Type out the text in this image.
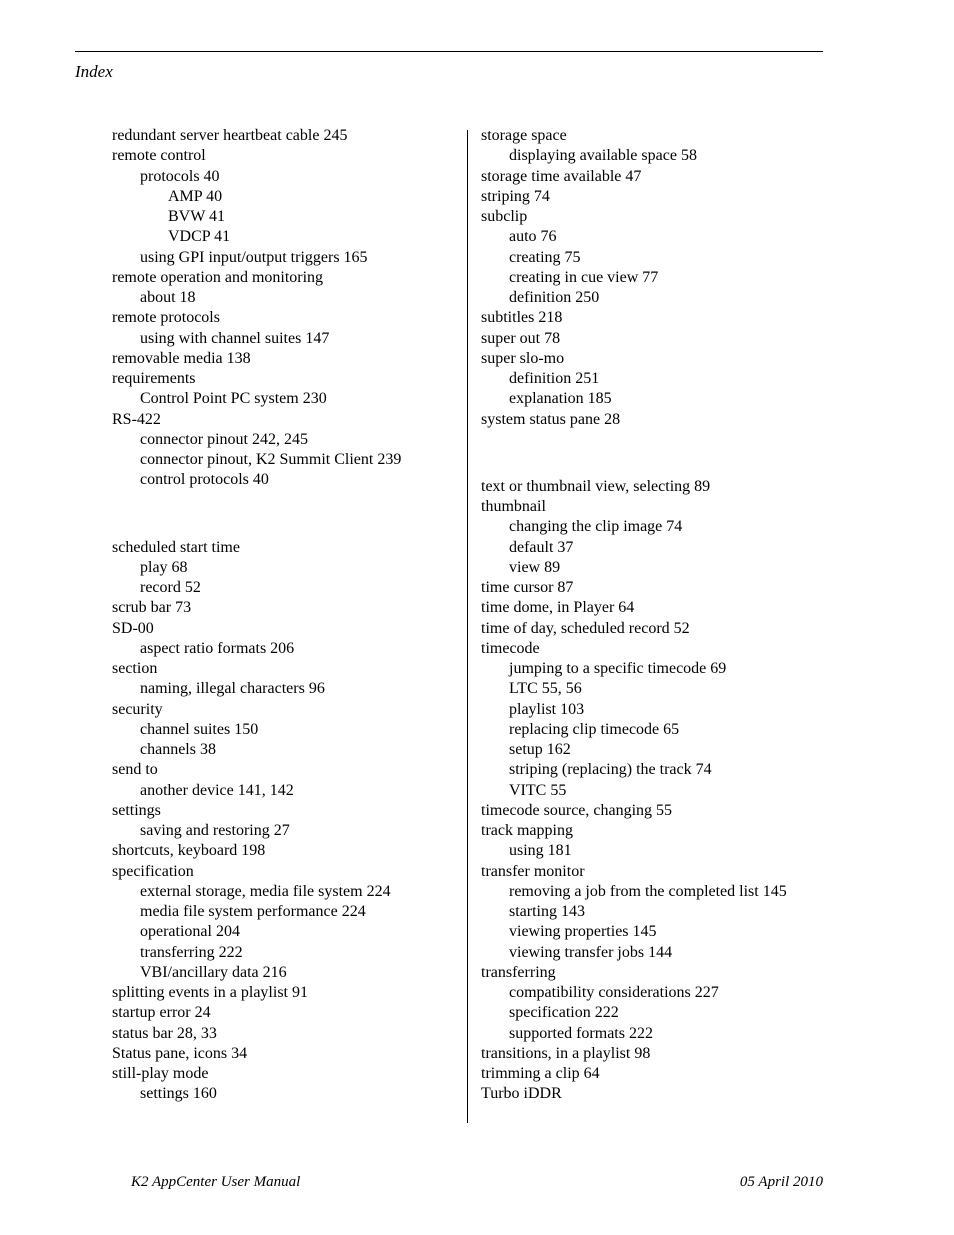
Index
redundant server heartbeat cable 245
remote control
protocols 40
AMP 40
BVW 41
VDCP 41
using GPI input/output triggers 165
remote operation and monitoring
about 18
remote protocols
using with channel suites 147
removable media 138
requirements
Control Point PC system 230
RS-422
connector pinout 242, 245
connector pinout, K2 Summit Client 239
control protocols 40
scheduled start time
play 68
record 52
scrub bar 73
SD-00
aspect ratio formats 206
section
naming, illegal characters 96
security
channel suites 150
channels 38
send to
another device 141, 142
settings
saving and restoring 27
shortcuts, keyboard 198
specification
external storage, media file system 224
media file system performance 224
operational 204
transferring 222
VBI/ancillary data 216
splitting events in a playlist 91
startup error 24
status bar 28, 33
Status pane, icons 34
still-play mode
settings 160
storage space
displaying available space 58
storage time available 47
striping 74
subclip
auto 76
creating 75
creating in cue view 77
definition 250
subtitles 218
super out 78
super slo-mo
definition 251
explanation 185
system status pane 28
text or thumbnail view, selecting 89
thumbnail
changing the clip image 74
default 37
view 89
time cursor 87
time dome, in Player 64
time of day, scheduled record 52
timecode
jumping to a specific timecode 69
LTC 55, 56
playlist 103
replacing clip timecode 65
setup 162
striping (replacing) the track 74
VITC 55
timecode source, changing 55
track mapping
using 181
transfer monitor
removing a job from the completed list 145
starting 143
viewing properties 145
viewing transfer jobs 144
transferring
compatibility considerations 227
specification 222
supported formats 222
transitions, in a playlist 98
trimming a clip 64
Turbo iDDR
K2 AppCenter User Manual	05 April 2010
